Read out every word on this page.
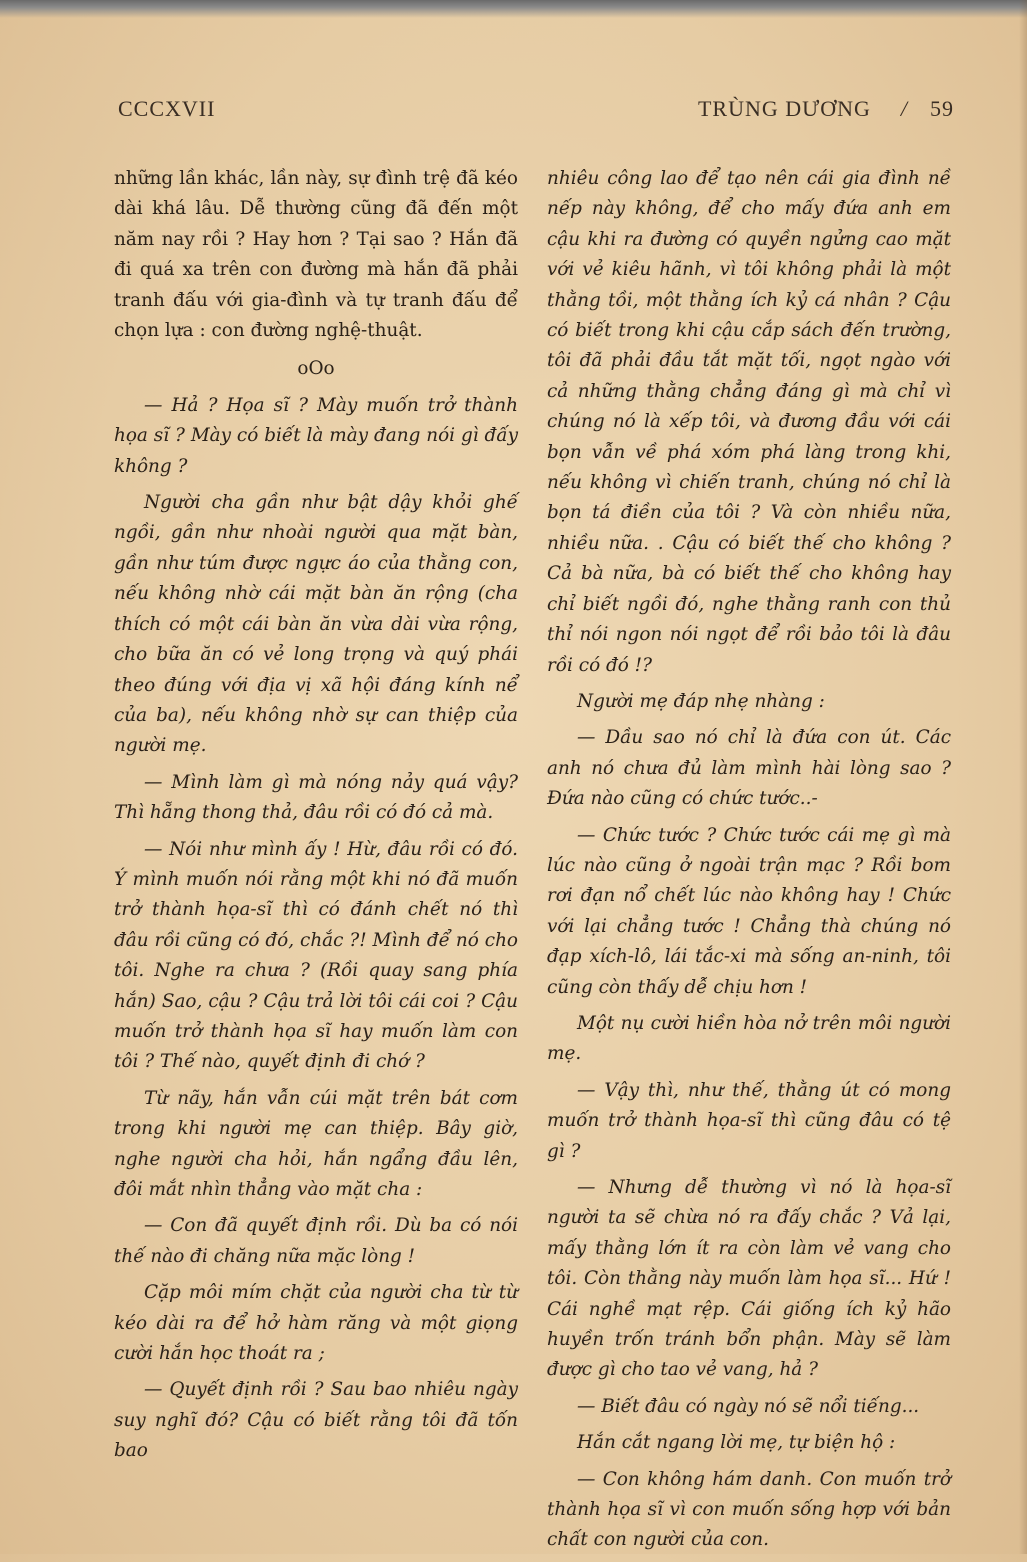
CCCXVII	TRÙNG DƯƠNG / 59

những lần khác, lần này, sự đình trệ đã kéo dài khá lâu. Dễ thường cũng đã đến một năm nay rồi ? Hay hơn ? Tại sao ? Hắn đã đi quá xa trên con đường mà hắn đã phải tranh đấu với gia-đình và tự tranh đấu để chọn lựa : con đường nghệ-thuật.

oOo

— Hả ? Họa sĩ ? Mày muốn trở thành họa sĩ ? Mày có biết là mày đang nói gì đấy không ?

Người cha gần như bật dậy khỏi ghế ngồi, gần như nhoài người qua mặt bàn, gần như túm được ngực áo của thằng con, nếu không nhờ cái mặt bàn ăn rộng (cha thích có một cái bàn ăn vừa dài vừa rộng, cho bữa ăn có vẻ long trọng và quý phái theo đúng với địa vị xã hội đáng kính nể của ba), nếu không nhờ sự can thiệp của người mẹ.

— Mình làm gì mà nóng nảy quá vậy? Thì hẵng thong thả, đâu rồi có đó cả mà.

— Nói như mình ấy ! Hừ, đâu rồi có đó. Ý mình muốn nói rằng một khi nó đã muốn trở thành họa-sĩ thì có đánh chết nó thì đâu rồi cũng có đó, chắc ?! Mình để nó cho tôi. Nghe ra chưa ? (Rồi quay sang phía hắn) Sao, cậu ? Cậu trả lời tôi cái coi ? Cậu muốn trở thành họa sĩ hay muốn làm con tôi ? Thế nào, quyết định đi chớ ?

Từ nãy, hắn vẫn cúi mặt trên bát cơm trong khi người mẹ can thiệp. Bây giờ, nghe người cha hỏi, hắn ngẩng đầu lên, đôi mắt nhìn thẳng vào mặt cha :

— Con đã quyết định rồi. Dù ba có nói thế nào đi chăng nữa mặc lòng !

Cặp môi mím chặt của người cha từ từ kéo dài ra để hở hàm răng và một giọng cười hắn học thoát ra ;

— Quyết định rồi ? Sau bao nhiêu ngày suy nghĩ đó? Cậu có biết rằng tôi đã tốn bao

nhiêu công lao để tạo nên cái gia đình nề nếp này không, để cho mấy đứa anh em cậu khi ra đường có quyền ngửng cao mặt với vẻ kiêu hãnh, vì tôi không phải là một thằng tồi, một thằng ích kỷ cá nhân ? Cậu có biết trong khi cậu cắp sách đến trường, tôi đã phải đầu tắt mặt tối, ngọt ngào với cả những thằng chẳng đáng gì mà chỉ vì chúng nó là xếp tôi, và đương đầu với cái bọn vẫn về phá xóm phá làng trong khi, nếu không vì chiến tranh, chúng nó chỉ là bọn tá điền của tôi ? Và còn nhiều nữa, nhiều nữa. . Cậu có biết thế cho không ? Cả bà nữa, bà có biết thế cho không hay chỉ biết ngồi đó, nghe thằng ranh con thủ thỉ nói ngon nói ngọt để rồi bảo tôi là đâu rồi có đó !?

Người mẹ đáp nhẹ nhàng :

— Dầu sao nó chỉ là đứa con út. Các anh nó chưa đủ làm mình hài lòng sao ? Đứa nào cũng có chức tước..-

— Chức tước ? Chức tước cái mẹ gì mà lúc nào cũng ở ngoài trận mạc ? Rồi bom rơi đạn nổ chết lúc nào không hay ! Chức với lại chẳng tước ! Chẳng thà chúng nó đạp xích-lô, lái tắc-xi mà sống an-ninh, tôi cũng còn thấy dễ chịu hơn !

Một nụ cười hiền hòa nở trên môi người mẹ.

— Vậy thì, như thế, thằng út có mong muốn trở thành họa-sĩ thì cũng đâu có tệ gì ?

— Nhưng dễ thường vì nó là họa-sĩ người ta sẽ chừa nó ra đấy chắc ? Vả lại, mấy thằng lớn ít ra còn làm vẻ vang cho tôi. Còn thằng này muốn làm họa sĩ... Hứ ! Cái nghề mạt rệp. Cái giống ích kỷ hão huyền trốn tránh bổn phận. Mày sẽ làm được gì cho tao vẻ vang, hả ?

— Biết đâu có ngày nó sẽ nổi tiếng...

Hắn cắt ngang lời mẹ, tự biện hộ :

— Con không hám danh. Con muốn trở thành họa sĩ vì con muốn sống hợp với bản chất con người của con.
